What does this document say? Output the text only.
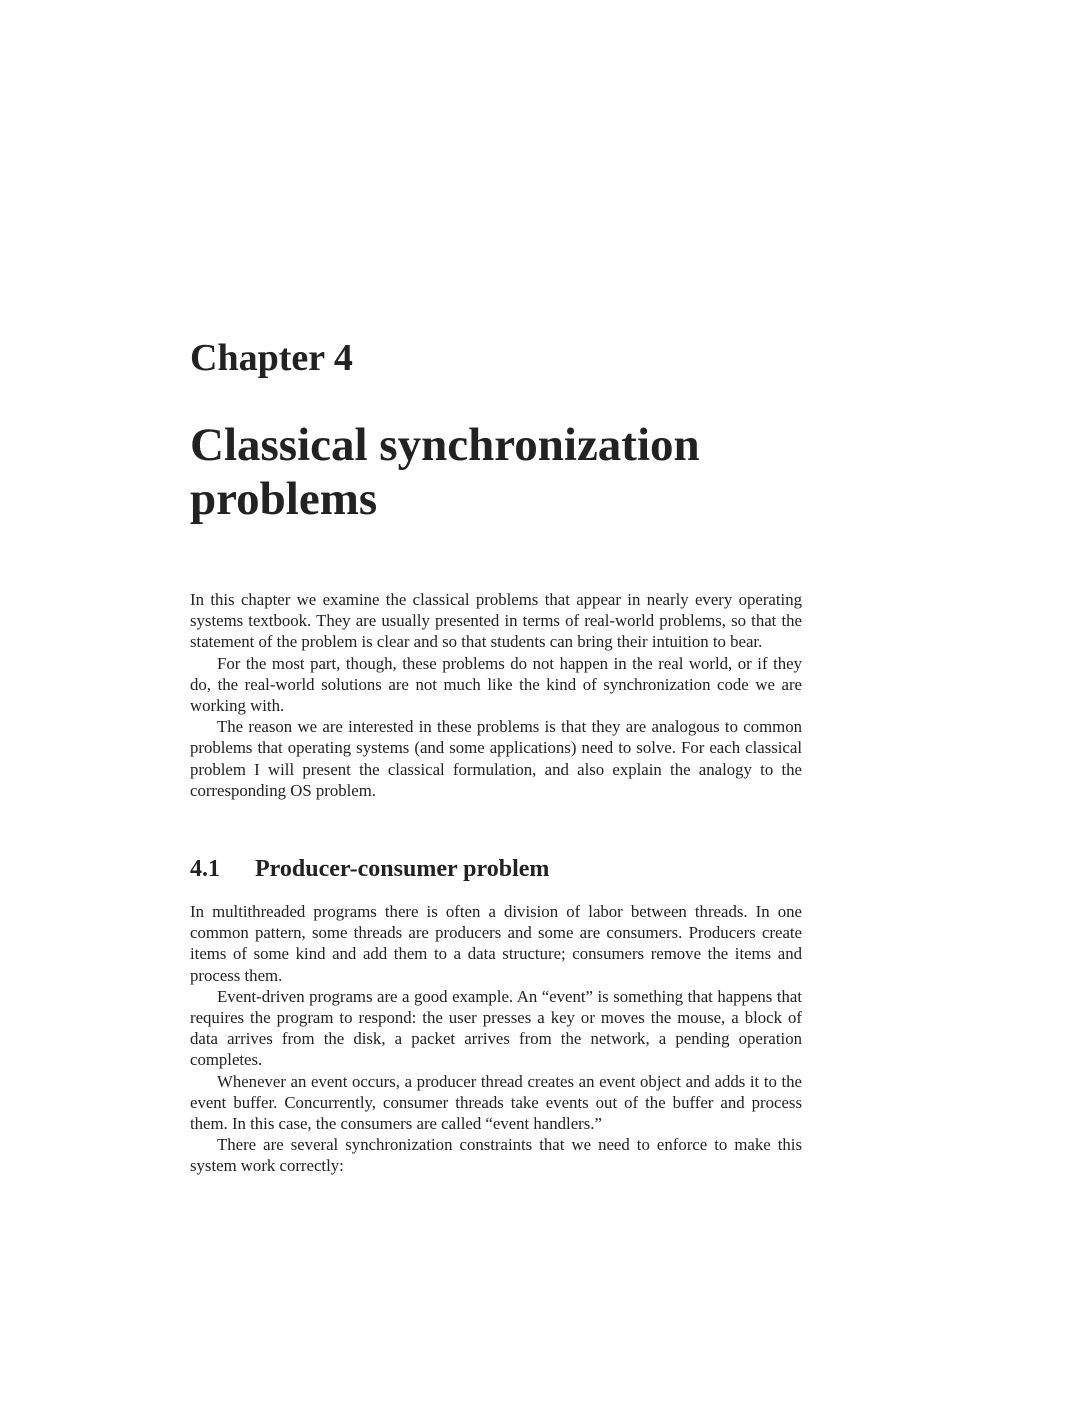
Chapter 4
Classical synchronization problems

In this chapter we examine the classical problems that appear in nearly every operating systems textbook. They are usually presented in terms of real-world problems, so that the statement of the problem is clear and so that students can bring their intuition to bear.

For the most part, though, these problems do not happen in the real world, or if they do, the real-world solutions are not much like the kind of synchronization code we are working with.

The reason we are interested in these problems is that they are analogous to common problems that operating systems (and some applications) need to solve. For each classical problem I will present the classical formulation, and also explain the analogy to the corresponding OS problem.

4.1 Producer-consumer problem

In multithreaded programs there is often a division of labor between threads. In one common pattern, some threads are producers and some are consumers. Producers create items of some kind and add them to a data structure; consumers remove the items and process them.

Event-driven programs are a good example. An “event” is something that happens that requires the program to respond: the user presses a key or moves the mouse, a block of data arrives from the disk, a packet arrives from the network, a pending operation completes.

Whenever an event occurs, a producer thread creates an event object and adds it to the event buffer. Concurrently, consumer threads take events out of the buffer and process them. In this case, the consumers are called “event handlers.”

There are several synchronization constraints that we need to enforce to make this system work correctly:
